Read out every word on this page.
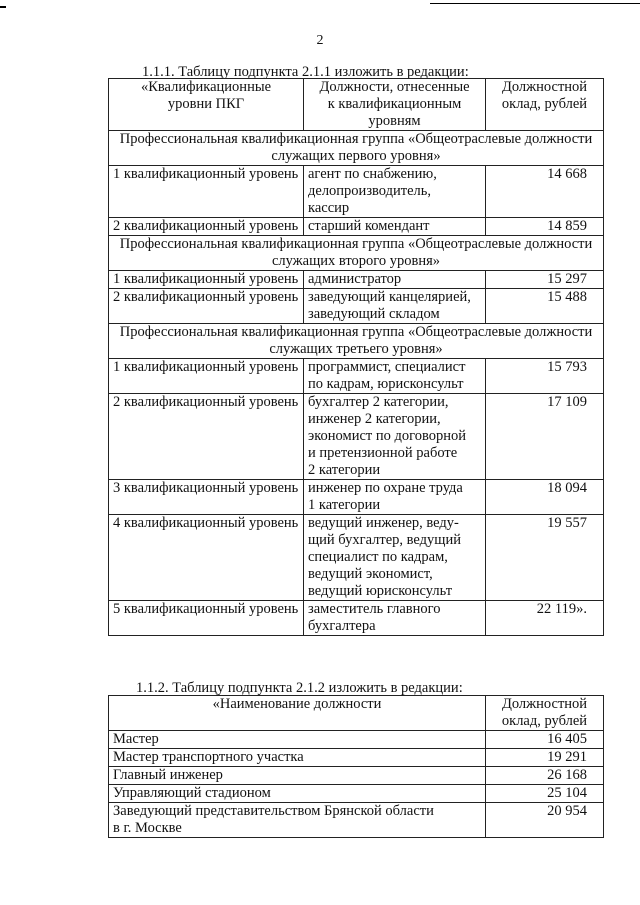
2
1.1.1. Таблицу подпункта 2.1.1 изложить в редакции:
«Квалификационные
уровни ПКГ	Должности, отнесенные
к квалификационным
уровням	Должностной
оклад, рублей
Профессиональная квалификационная группа «Общеотраслевые должности служащих первого уровня»		
1 квалификационный уровень	агент по снабжению,
делопроизводитель,
кассир	14 668
2 квалификационный уровень	старший комендант	14 859
Профессиональная квалификационная группа «Общеотраслевые должности служащих второго уровня»		
1 квалификационный уровень	администратор	15 297
2 квалификационный уровень	заведующий канцелярией,
заведующий складом	15 488
Профессиональная квалификационная группа «Общеотраслевые должности служащих третьего уровня»		
1 квалификационный уровень	программист, специалист
по кадрам, юрисконсульт	15 793
2 квалификационный уровень	бухгалтер 2 категории,
инженер 2 категории,
экономист по договорной
и претензионной работе
2 категории	17 109
3 квалификационный уровень	инженер по охране труда
1 категории	18 094
4 квалификационный уровень	ведущий инженер, веду-
щий бухгалтер, ведущий
специалист по кадрам,
ведущий экономист,
ведущий юрисконсульт	19 557
5 квалификационный уровень	заместитель главного
бухгалтера	22 119».
1.1.2. Таблицу подпункта 2.1.2 изложить в редакции:
«Наименование должности	Должностной
оклад, рублей
Мастер	16 405
Мастер транспортного участка	19 291
Главный инженер	26 168
Управляющий стадионом	25 104
Заведующий представительством Брянской области
в г. Москве	20 954
